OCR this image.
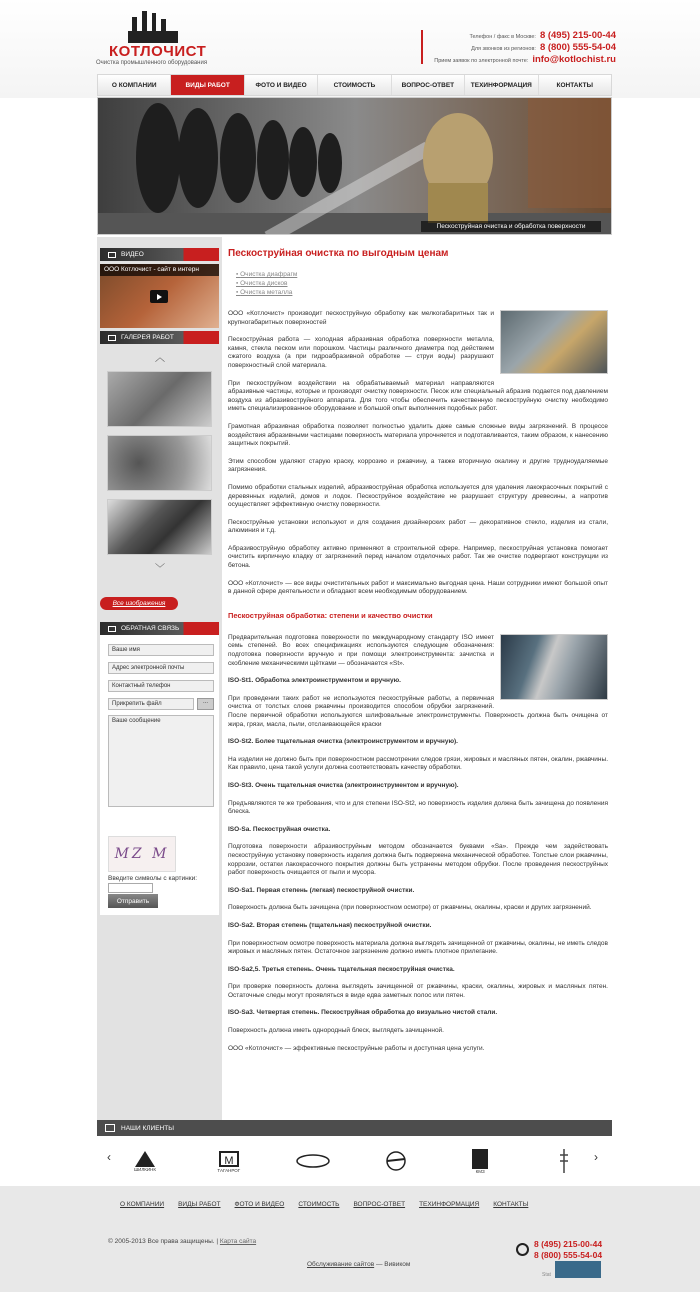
КОТЛОЧИСТ
Очистка промышленного оборудования
Телефон / факс в Москве: 8 (495) 215-00-44
Для звонков из регионов: 8 (800) 555-54-04
Прием заявок по электронной почте: info@kotlochist.ru
О КОМПАНИИ	ВИДЫ РАБОТ	ФОТО И ВИДЕО	СТОИМОСТЬ	ВОПРОС-ОТВЕТ	ТЕХИНФОРМАЦИЯ	КОНТАКТЫ
Пескоструйная очистка и обработка поверхности
ВИДЕО
ООО Котлочист - сайт в интерн
ГАЛЕРЕЯ РАБОТ
︿
﹀
Все изображения
ОБРАТНАЯ СВЯЗЬ
Ваше имя
Адрес электронной почты
Контактный телефон
Прикрепить файл	...
Ваше сообщение
MZ M
Введите символы с картинки:
Отправить
Пескоструйная очистка по выгодным ценам
▪ Очистка диафрагм
▪ Очистка дисков
▪ Очистка металла

ООО «Котлочист» производит пескоструйную обработку как мелкогабаритных так и крупногабаритных поверхностей

Пескоструйная работа — холодная абразивная обработка поверхности металла, камня, стекла песком или порошком. Частицы различного диаметра под действием сжатого воздуха (а при гидроабразивной обработке — струи воды) разрушают поверхностный слой материала.

При пескоструйном воздействии на обрабатываемый материал направляются абразивные частицы, которые и производят очистку поверхности. Песок или специальный абразив подается под давлением воздуха из абразивоструйного аппарата. Для того чтобы обеспечить качественную пескоструйную очистку необходимо иметь специализированное оборудование и большой опыт выполнения подобных работ.

Грамотная абразивная обработка позволяет полностью удалить даже самые сложные виды загрязнений. В процессе воздействия абразивными частицами поверхность материала упрочняется и подготавливается, таким образом, к нанесению защитных покрытий.

Этим способом удаляют старую краску, коррозию и ржавчину, а также вторичную окалину и другие трудноудаляемые загрязнения.

Помимо обработки стальных изделий, абразивоструйная обработка используется для удаления лакокрасочных покрытий с деревянных изделий, домов и лодок. Пескоструйное воздействие не разрушает структуру древесины, а напротив осуществляет эффективную очистку поверхности.

Пескоструйные установки используют и для создания дизайнерских работ — декоративное стекло, изделия из стали, алюминия и т.д.

Абразивоструйную обработку активно применяют в строительной сфере. Например, пескоструйная установка помогает очистить кирпичную кладку от загрязнений перед началом отделочных работ. Так же очистке подвергают конструкции из бетона.

ООО «Котлочист» — все виды очистительных работ и максимально выгодная цена. Наши сотрудники имеют большой опыт в данной сфере деятельности и обладают всем необходимым оборудованием.

Пескоструйная обработка: степени и качество очистки

Предварительная подготовка поверхности по международному стандарту ISO имеет семь степеней. Во всех спецификациях используются следующие обозначения: подготовка поверхности вручную и при помощи электроинструмента: зачистка и скобление механическими щётками — обозначается «St».

ISO-St1. Обработка электроинструментом и вручную.

При проведении таких работ не используются пескоструйные работы, а первичная очистка от толстых слоев ржавчины производится способом обрубки загрязнений. После первичной обработки используются шлифовальные электроинструменты. Поверхность должна быть очищена от жира, грязи, масла, пыли, отслаивающейся краски

ISO-St2. Более тщательная очистка (электроинструментом и вручную).

На изделии не должно быть при поверхностном рассмотрении следов грязи, жировых и масляных пятен, окалин, ржавчины. Как правило, цена такой услуги должна соответствовать качеству обработки.

ISO-St3. Очень тщательная очистка (электроинструментом и вручную).

Предъявляются те же требования, что и для степени ISO-St2, но поверхность изделия должна быть зачищена до появления блеска.

ISO-Sa. Пескоструйная очистка.

Подготовка поверхности абразивоструйным методом обозначается буквами «Sa». Прежде чем задействовать пескоструйную установку поверхность изделия должна быть подвержена механической обработке. Толстые слои ржавчины, коррозии, остатки лакокрасочного покрытия должны быть устранены методом обрубки. После проведения пескоструйных работ поверхность очищается от пыли и мусора.

ISO-Sa1. Первая степень (легкая) пескоструйной очистки.

Поверхность должна быть зачищена (при поверхностном осмотре) от ржавчины, окалины, краски и других загрязнений.

ISO-Sa2. Вторая степень (тщательная) пескоструйной очистки.

При поверхностном осмотре поверхность материала должна выглядеть зачищенной от ржавчины, окалины, не иметь следов жировых и масляных пятен. Остаточное загрязнение должно иметь плотное прилегание.

ISO-Sa2,5. Третья степень. Очень тщательная пескоструйная очистка.

При проверке поверхность должна выглядеть зачищенной от ржавчины, краски, окалины, жировых и масляных пятен. Остаточные следы могут проявляться в виде едва заметных полос или пятен.

ISO-Sa3. Четвертая степень. Пескоструйная обработка до визуально чистой стали.

Поверхность должна иметь однородный блеск, выглядеть зачищенной.

ООО «Котлочист» — эффективные пескоструйные работы и доступная цена услуги.

НАШИ КЛИЕНТЫ
‹
ШИЛКИНК
М
ТАГАНРОГ	КМЗ
›
О КОМПАНИИ ВИДЫ РАБОТ ФОТО И ВИДЕО СТОИМОСТЬ ВОПРОС-ОТВЕТ ТЕХИНФОРМАЦИЯ КОНТАКТЫ
© 2005-2013 Все права защищены. | Карта сайта
Обслуживание сайтов — Вивиком
8 (495) 215-00-44
8 (800) 555-54-04
Stat
